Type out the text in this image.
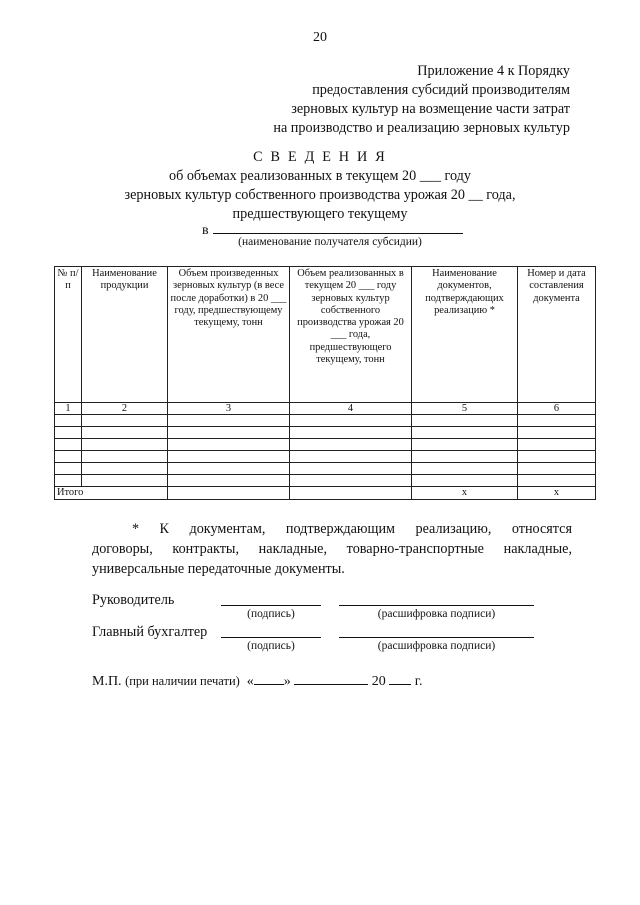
20
Приложение 4 к Порядку
предоставления субсидий производителям
зерновых культур на возмещение части затрат
на производство и реализацию зерновых культур
С В Е Д Е Н И Я
об объемах реализованных в текущем 20 ___ году
зерновых культур собственного производства урожая 20 __ года,
предшествующего текущему
в
(наименование получателя субсидии)
№ п/п	Наименование продукции	Объем произведенных зерновых культур (в весе после доработки) в 20 ___ году, предшествующему текущему, тонн	Объем реализованных в текущем 20 ___ году зерновых культур собственного производства урожая 20 ___ года, предшествующего текущему, тонн	Наименование документов, подтверждающих реализацию *	Номер и дата составления документа
1	2	3	4	5	6

Итого				х	х
* К документам, подтверждающим реализацию, относятся
договоры, контракты, накладные, товарно-транспортные накладные,
универсальные передаточные документы.
Руководитель
(подпись)	(расшифровка подписи)
Главный бухгалтер
(подпись)	(расшифровка подписи)
М.П. (при наличии печати) « »	20 г.
